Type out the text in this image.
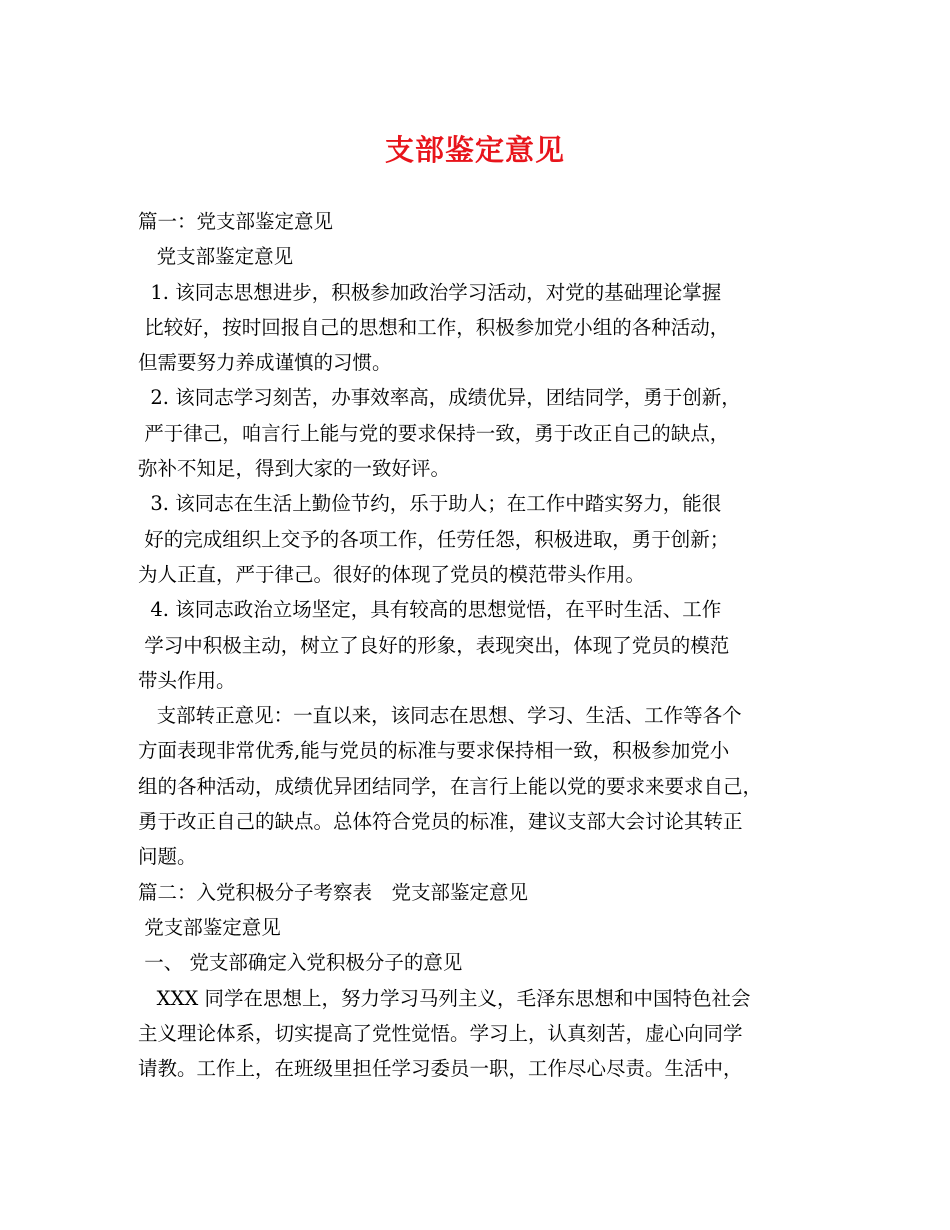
支部鉴定意见
篇一：党支部鉴定意见
党支部鉴定意见
1. 该同志思想进步，积极参加政治学习活动，对党的基础理论掌握
比较好，按时回报自己的思想和工作，积极参加党小组的各种活动，
但需要努力养成谨慎的习惯。
2. 该同志学习刻苦，办事效率高，成绩优异，团结同学，勇于创新，
严于律己，咱言行上能与党的要求保持一致，勇于改正自己的缺点，
弥补不知足，得到大家的一致好评。
3. 该同志在生活上勤俭节约，乐于助人；在工作中踏实努力，能很
好的完成组织上交予的各项工作，任劳任怨，积极进取，勇于创新；
为人正直，严于律己。很好的体现了党员的模范带头作用。
4. 该同志政治立场坚定，具有较高的思想觉悟，在平时生活、工作
学习中积极主动，树立了良好的形象，表现突出，体现了党员的模范
带头作用。
支部转正意见：一直以来，该同志在思想、学习、生活、工作等各个
方面表现非常优秀,能与党员的标准与要求保持相一致，积极参加党小
组的各种活动，成绩优异团结同学，在言行上能以党的要求来要求自己，
勇于改正自己的缺点。总体符合党员的标准，建议支部大会讨论其转正
问题。
篇二：入党积极分子考察表　党支部鉴定意见
党支部鉴定意见
一、 党支部确定入党积极分子的意见
XXX 同学在思想上，努力学习马列主义，毛泽东思想和中国特色社会
主义理论体系，切实提高了党性觉悟。学习上，认真刻苦，虚心向同学
请教。工作上，在班级里担任学习委员一职，工作尽心尽责。生活中，
